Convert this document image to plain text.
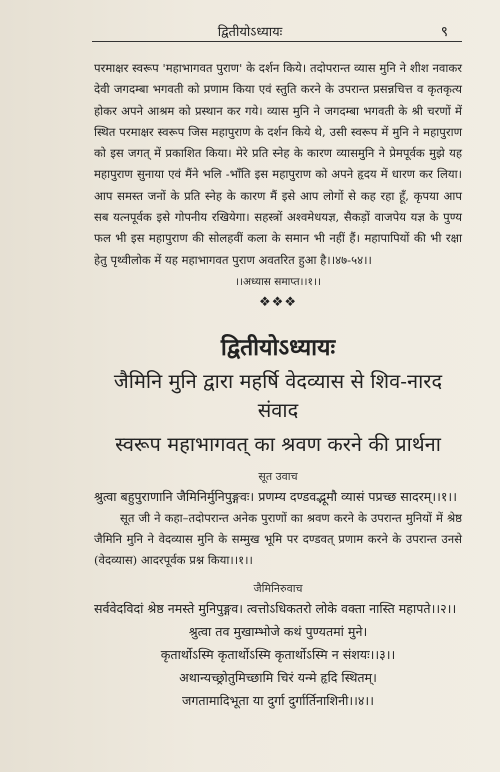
द्वितीयोऽध्यायः	९

परमाक्षर स्वरूप 'महाभागवत पुराण' के दर्शन किये। तदोपरान्त व्यास मुनि ने शीश नवाकर देवी जगदम्बा भगवती को प्रणाम किया एवं स्तुति करने के उपरान्त प्रसन्नचित्त व कृतकृत्य होकर अपने आश्रम को प्रस्थान कर गये। व्यास मुनि ने जगदम्बा भगवती के श्री चरणों में स्थित परमाक्षर स्वरूप जिस महापुराण के दर्शन किये थे, उसी स्वरूप में मुनि ने महापुराण को इस जगत् में प्रकाशित किया। मेरे प्रति स्नेह के कारण व्यासमुनि ने प्रेमपूर्वक मुझे यह महापुराण सुनाया एवं मैंने भलि -भाँति इस महापुराण को अपने हृदय में धारण कर लिया। आप समस्त जनों के प्रति स्नेह के कारण मैं इसे आप लोगों से कह रहा हूँ, कृपया आप सब यत्नपूर्वक इसे गोपनीय रखियेगा। सहस्त्रों अश्वमेधयज्ञ, सैकड़ों वाजपेय यज्ञ के पुण्य फल भी इस महापुराण की सोलहवीं कला के समान भी नहीं हैं। महापापियों की भी रक्षा हेतु पृथ्वीलोक में यह महाभागवत पुराण अवतरित हुआ है।।४७-५४।।

।।अध्यास समाप्त।।१।।
❖❖❖
द्वितीयोऽध्यायः
जैमिनि मुनि द्वारा महर्षि वेदव्यास से शिव-नारद संवाद
स्वरूप महाभागवत् का श्रवण करने की प्रार्थना
सूत उवाच

श्रुत्वा बहुपुराणानि जैमिनिर्मुनिपुङ्गवः। प्रणम्य दण्डवद्भूमौ व्यासं पप्रच्छ सादरम्।।१।।

सूत जी ने कहा–तदोपरान्त अनेक पुराणों का श्रवण करने के उपरान्त मुनियों में श्रेष्ठ जैमिनि मुनि ने वेदव्यास मुनि के सम्मुख भूमि पर दण्डवत् प्रणाम करने के उपरान्त उनसे (वेदव्यास) आदरपूर्वक प्रश्न किया।।१।।

जैमिनिरुवाच

सर्ववेदविदां श्रेष्ठ नमस्ते मुनिपुङ्गव। त्वत्तोऽधिकतरो लोके वक्ता नास्ति महापते।।२।।

श्रुत्वा तव मुखाम्भोजे कथं पुण्यतमां मुने।

कृतार्थोऽस्मि कृतार्थोऽस्मि कृतार्थोऽस्मि न संशयः।।३।।

अथान्यच्छ्रोतुमिच्छामि चिरं यन्मे हृदि स्थितम्।

जगतामादिभूता या दुर्गा दुर्गार्तिनाशिनी।।४।।
